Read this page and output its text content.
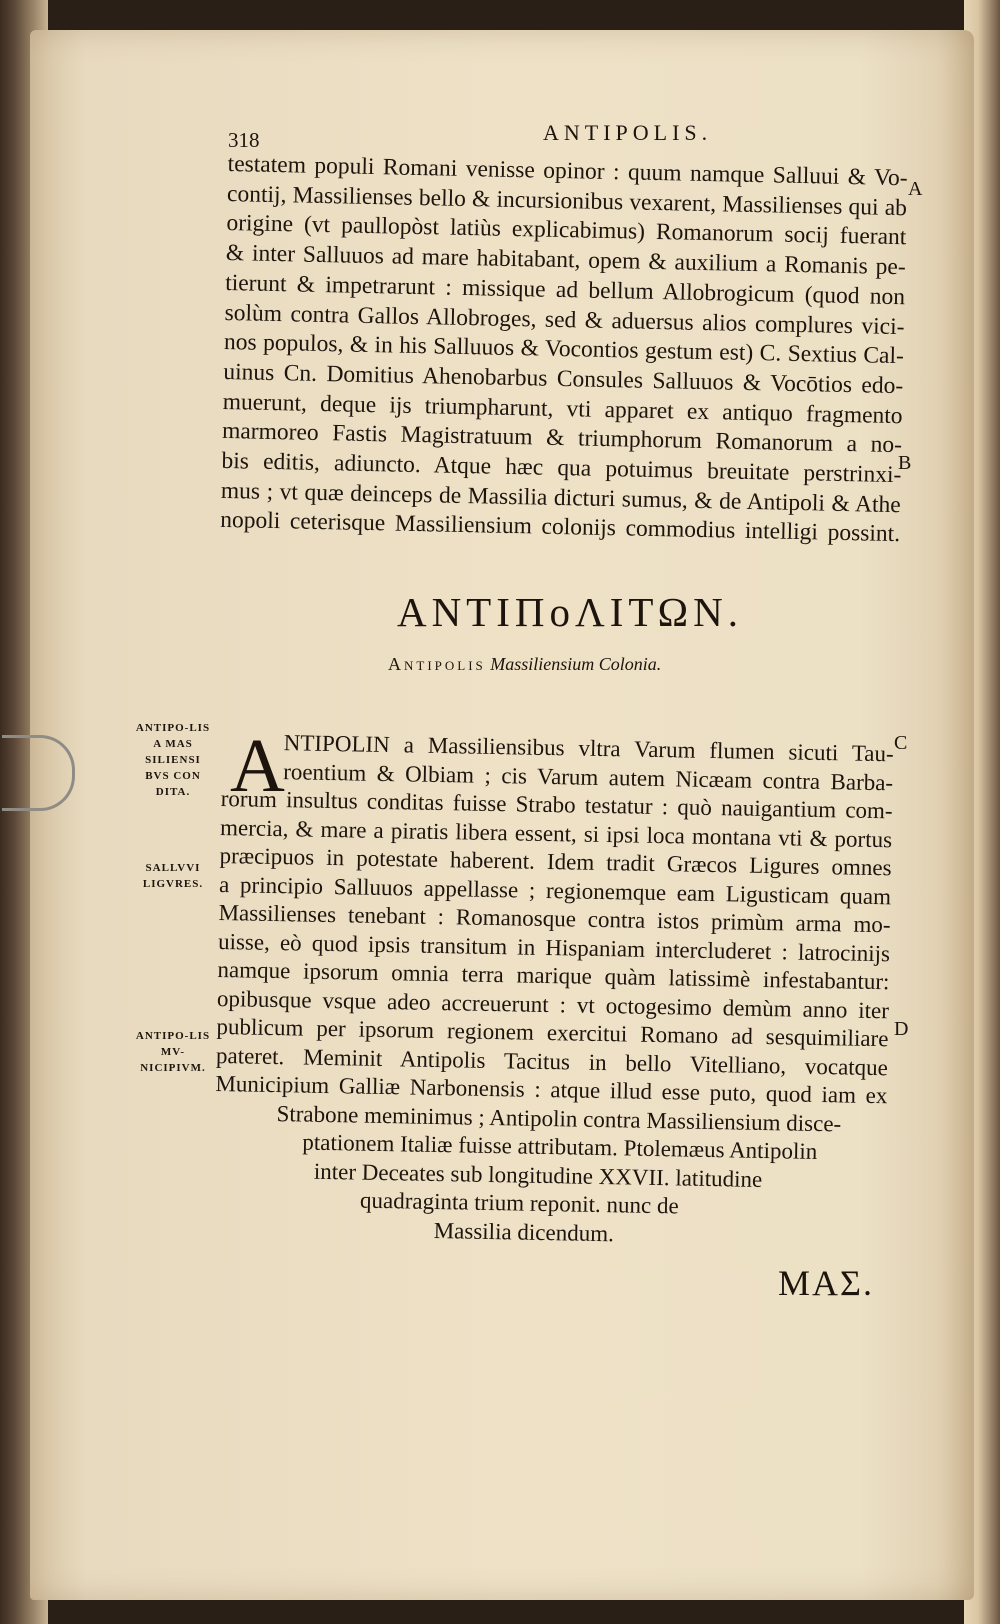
318	ANTIPOLIS.
testatem populi Romani venisse opinor : quum namque Salluui & Vo-
contij, Massilienses bello & incursionibus vexarent, Massilienses qui ab
origine (vt paullopòst latiùs explicabimus) Romanorum socij fuerant
& inter Salluuos ad mare habitabant, opem & auxilium a Romanis pe-
tierunt & impetrarunt : missique ad bellum Allobrogicum (quod non
solùm contra Gallos Allobroges, sed & aduersus alios complures vici-
nos populos, & in his Salluuos & Vocontios gestum est) C. Sextius Cal-
uinus Cn. Domitius Ahenobarbus Consules Salluuos & Vocōtios edo-
muerunt, deque ijs triumpharunt, vti apparet ex antiquo fragmento
marmoreo Fastis Magistratuum & triumphorum Romanorum a no-
bis editis, adiuncto. Atque hæc qua potuimus breuitate perstrinxi-
mus ; vt quæ deinceps de Massilia dicturi sumus, & de Antipoli & Athe
nopoli ceterisque Massiliensium colonijs commodius intelligi possint.
A
B
C
D
ΑΝΤΙΠοΛΙΤΩΝ.
Antipolis Massiliensium Colonia.
ANTIPO-LIS A MAS SILIENSI BVS CON DITA.
SALLVVI LIGVRES.
ANTIPO-LIS MV-NICIPIVM.
NTIPOLIN a Massiliensibus vltra Varum flumen sicuti Tau-
roentium & Olbiam ; cis Varum autem Nicæam contra Barba-
rorum insultus conditas fuisse Strabo testatur : quò nauigantium com-
mercia, & mare a piratis libera essent, si ipsi loca montana vti & portus
præcipuos in potestate haberent. Idem tradit Græcos Ligures omnes
a principio Salluuos appellasse ; regionemque eam Ligusticam quam
Massilienses tenebant : Romanosque contra istos primùm arma mo-
uisse, eò quod ipsis transitum in Hispaniam intercluderet : latrocinijs
namque ipsorum omnia terra marique quàm latissimè infestabantur:
opibusque vsque adeo accreuerunt : vt octogesimo demùm anno iter
publicum per ipsorum regionem exercitui Romano ad sesquimiliare
pateret. Meminit Antipolis Tacitus in bello Vitelliano, vocatque
Municipium Galliæ Narbonensis : atque illud esse puto, quod iam ex
Strabone meminimus ; Antipolin contra Massiliensium disce-
ptationem Italiæ fuisse attributam. Ptolemæus Antipolin
inter Deceates sub longitudine XXVII. latitudine
quadraginta trium reponit. nunc de
Massilia dicendum.
A
ΜΑΣ.
